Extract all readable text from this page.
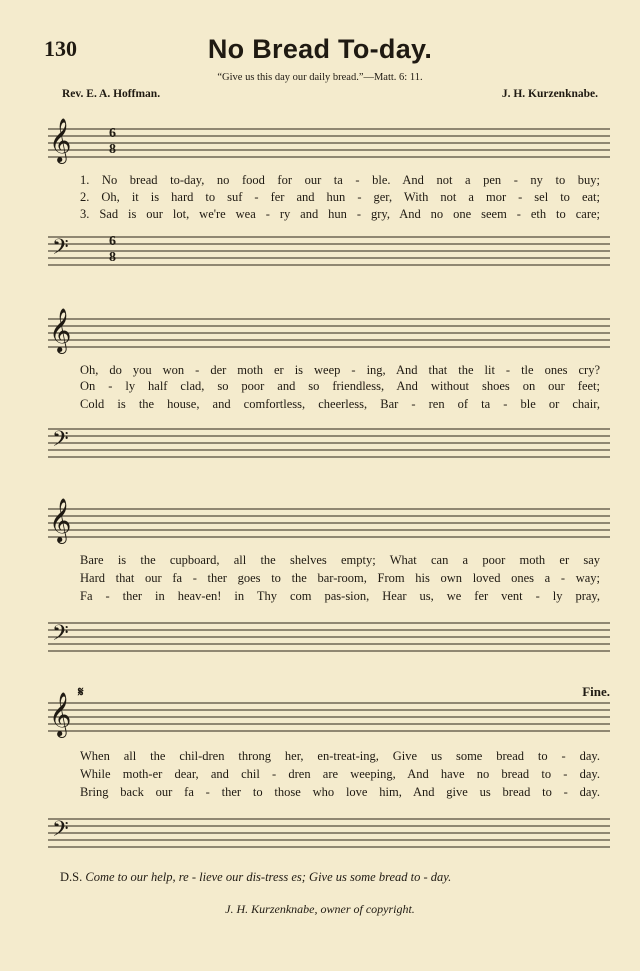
130	No Bread To-day.
“Give us this day our daily bread.”—Matt. 6: 11.
Rev. E. A. Hoffman.	J. H. Kurzenknabe.
𝄞	6
8
1. No bread to-day, no food for our ta - ble. And not a pen - ny to buy;
2. Oh, it is hard to suf - fer and hun - ger, With not a mor - sel to eat;
3. Sad is our lot, we're wea - ry and hun - gry, And no one seem - eth to care;
𝄢	6
8
𝄞
Oh, do you won - der moth er is weep - ing, And that the lit - tle ones cry?
On - ly half clad, so poor and so friendless, And without shoes on our feet;
Cold is the house, and comfortless, cheerless, Bar - ren of ta - ble or chair,
𝄢
𝄞
Bare is the cupboard, all the shelves empty; What can a poor moth er say
Hard that our fa - ther goes to the bar-room, From his own loved ones a - way;
Fa - ther in heav-en! in Thy com pas-sion, Hear us, we fer vent - ly pray,
𝄢
𝄋	Fine.
𝄞
When all the chil-dren throng her, en-treat-ing, Give us some bread to - day.
While moth-er dear, and chil - dren are weeping, And have no bread to - day.
Bring back our fa - ther to those who love him, And give us bread to - day.
𝄢
D.S. Come to our help, re - lieve our dis-tress es; Give us some bread to - day.
J. H. Kurzenknabe, owner of copyright.
